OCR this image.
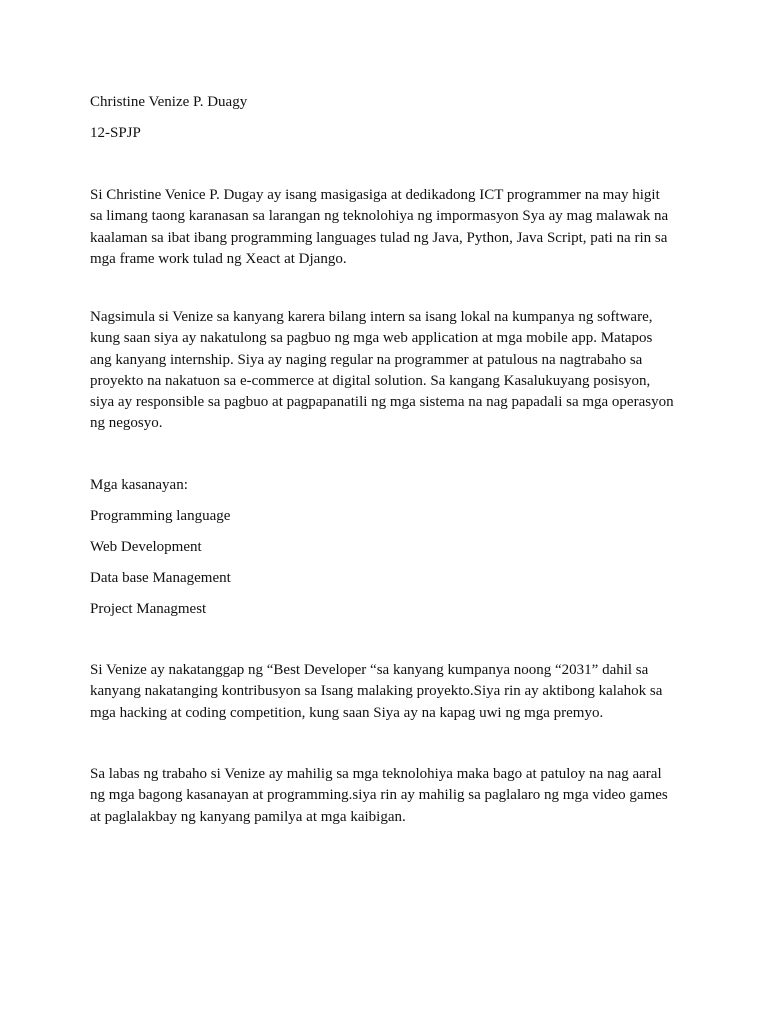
Christine Venize P. Duagy
12-SPJP
Si Christine Venice P. Dugay ay isang masigasiga at dedikadong ICT programmer na may higit
sa limang taong karanasan sa larangan ng teknolohiya ng impormasyon Sya ay mag malawak na
kaalaman sa ibat ibang programming languages tulad ng Java, Python, Java Script, pati na rin sa
mga frame work tulad ng Xeact at Django.
Nagsimula si Venize sa kanyang karera bilang intern sa isang lokal na kumpanya ng software,
kung saan siya ay nakatulong sa pagbuo ng mga web application at mga mobile app. Matapos
ang kanyang internship. Siya ay naging regular na programmer at patulous na nagtrabaho sa
proyekto na nakatuon sa e-commerce at digital solution. Sa kangang Kasalukuyang posisyon,
siya ay responsible sa pagbuo at pagpapanatili ng mga sistema na nag papadali sa mga operasyon
ng negosyo.
Mga kasanayan:
Programming language
Web Development
Data base Management
Project Managmest
Si Venize ay nakatanggap ng “Best Developer “sa kanyang kumpanya noong “2031” dahil sa
kanyang nakatanging kontribusyon sa Isang malaking proyekto.Siya rin ay aktibong kalahok sa
mga hacking at coding competition, kung saan Siya ay na kapag uwi ng mga premyo.
Sa labas ng trabaho si Venize ay mahilig sa mga teknolohiya maka bago at patuloy na nag aaral
ng mga bagong kasanayan at programming.siya rin ay mahilig sa paglalaro ng mga video games
at paglalakbay ng kanyang pamilya at mga kaibigan.
